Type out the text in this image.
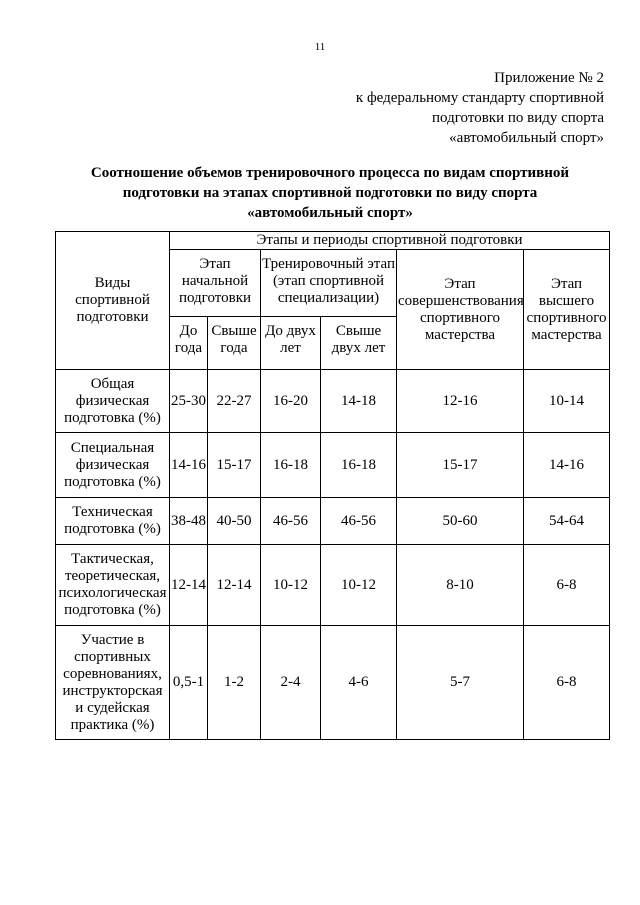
11
Приложение № 2
к федеральному стандарту спортивной
подготовки по виду спорта
«автомобильный спорт»
Соотношение объемов тренировочного процесса по видам спортивной
подготовки на этапах спортивной подготовки по виду спорта
«автомобильный спорт»
Виды спортивной подготовки	Этапы и периоды спортивной подготовки					
	Этап начальной подготовки		Тренировочный этап (этап спортивной специализации)		Этап совершенствования спортивного мастерства	Этап высшего спортивного мастерства
	До года	Свыше года	До двух лет	Свыше двух лет		
Общая физическая подготовка (%)	25-30	22-27	16-20	14-18	12-16	10-14
Специальная физическая подготовка (%)	14-16	15-17	16-18	16-18	15-17	14-16
Техническая подготовка (%)	38-48	40-50	46-56	46-56	50-60	54-64
Тактическая, теоретическая, психологическая подготовка (%)	12-14	12-14	10-12	10-12	8-10	6-8
Участие в спортивных соревнованиях, инструкторская и судейская практика (%)	0,5-1	1-2	2-4	4-6	5-7	6-8
